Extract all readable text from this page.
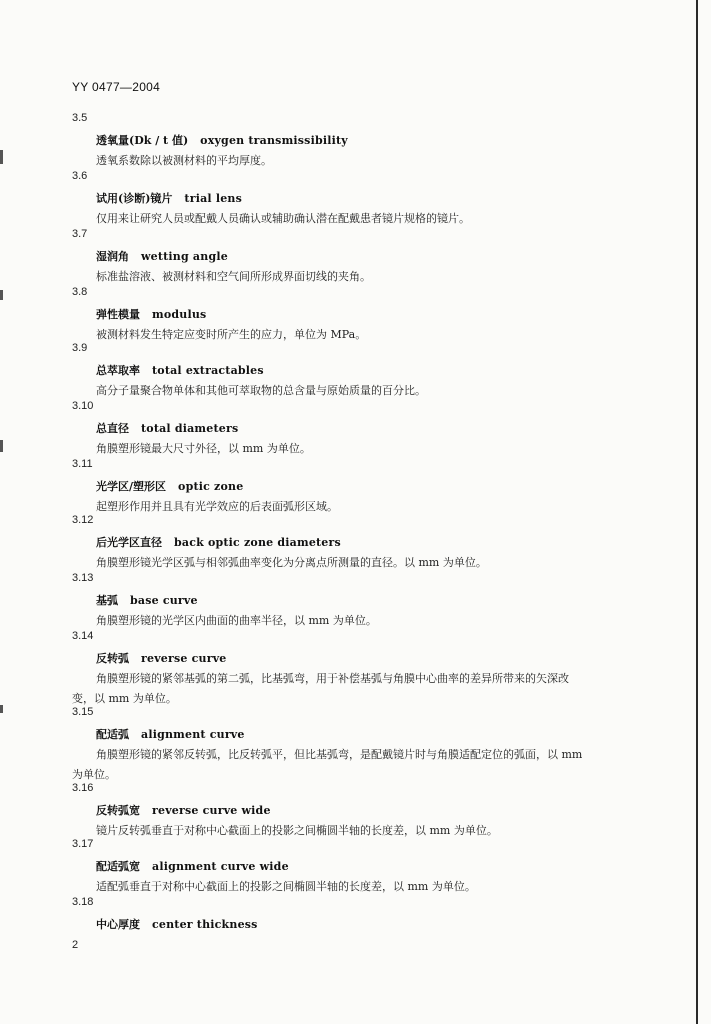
YY 0477—2004
3.5
透氧量(Dk / t 值) oxygen transmissibility
透氧系数除以被测材料的平均厚度。
3.6
试用(诊断)镜片 trial lens
仅用来让研究人员或配戴人员确认或辅助确认潜在配戴患者镜片规格的镜片。
3.7
湿润角 wetting angle
标准盐溶液、被测材料和空气间所形成界面切线的夹角。
3.8
弹性模量 modulus
被测材料发生特定应变时所产生的应力，单位为 MPa。
3.9
总萃取率 total extractables
高分子量聚合物单体和其他可萃取物的总含量与原始质量的百分比。
3.10
总直径 total diameters
角膜塑形镜最大尺寸外径，以 mm 为单位。
3.11
光学区/塑形区 optic zone
起塑形作用并且具有光学效应的后表面弧形区域。
3.12
后光学区直径 back optic zone diameters
角膜塑形镜光学区弧与相邻弧曲率变化为分离点所测量的直径。以 mm 为单位。
3.13
基弧 base curve
角膜塑形镜的光学区内曲面的曲率半径，以 mm 为单位。
3.14
反转弧 reverse curve
角膜塑形镜的紧邻基弧的第二弧，比基弧弯，用于补偿基弧与角膜中心曲率的差异所带来的矢深改
变，以 mm 为单位。
3.15
配适弧 alignment curve
角膜塑形镜的紧邻反转弧，比反转弧平，但比基弧弯，是配戴镜片时与角膜适配定位的弧面，以 mm
为单位。
3.16
反转弧宽 reverse curve wide
镜片反转弧垂直于对称中心截面上的投影之间椭圆半轴的长度差，以 mm 为单位。
3.17
配适弧宽 alignment curve wide
适配弧垂直于对称中心截面上的投影之间椭圆半轴的长度差，以 mm 为单位。
3.18
中心厚度 center thickness
2
